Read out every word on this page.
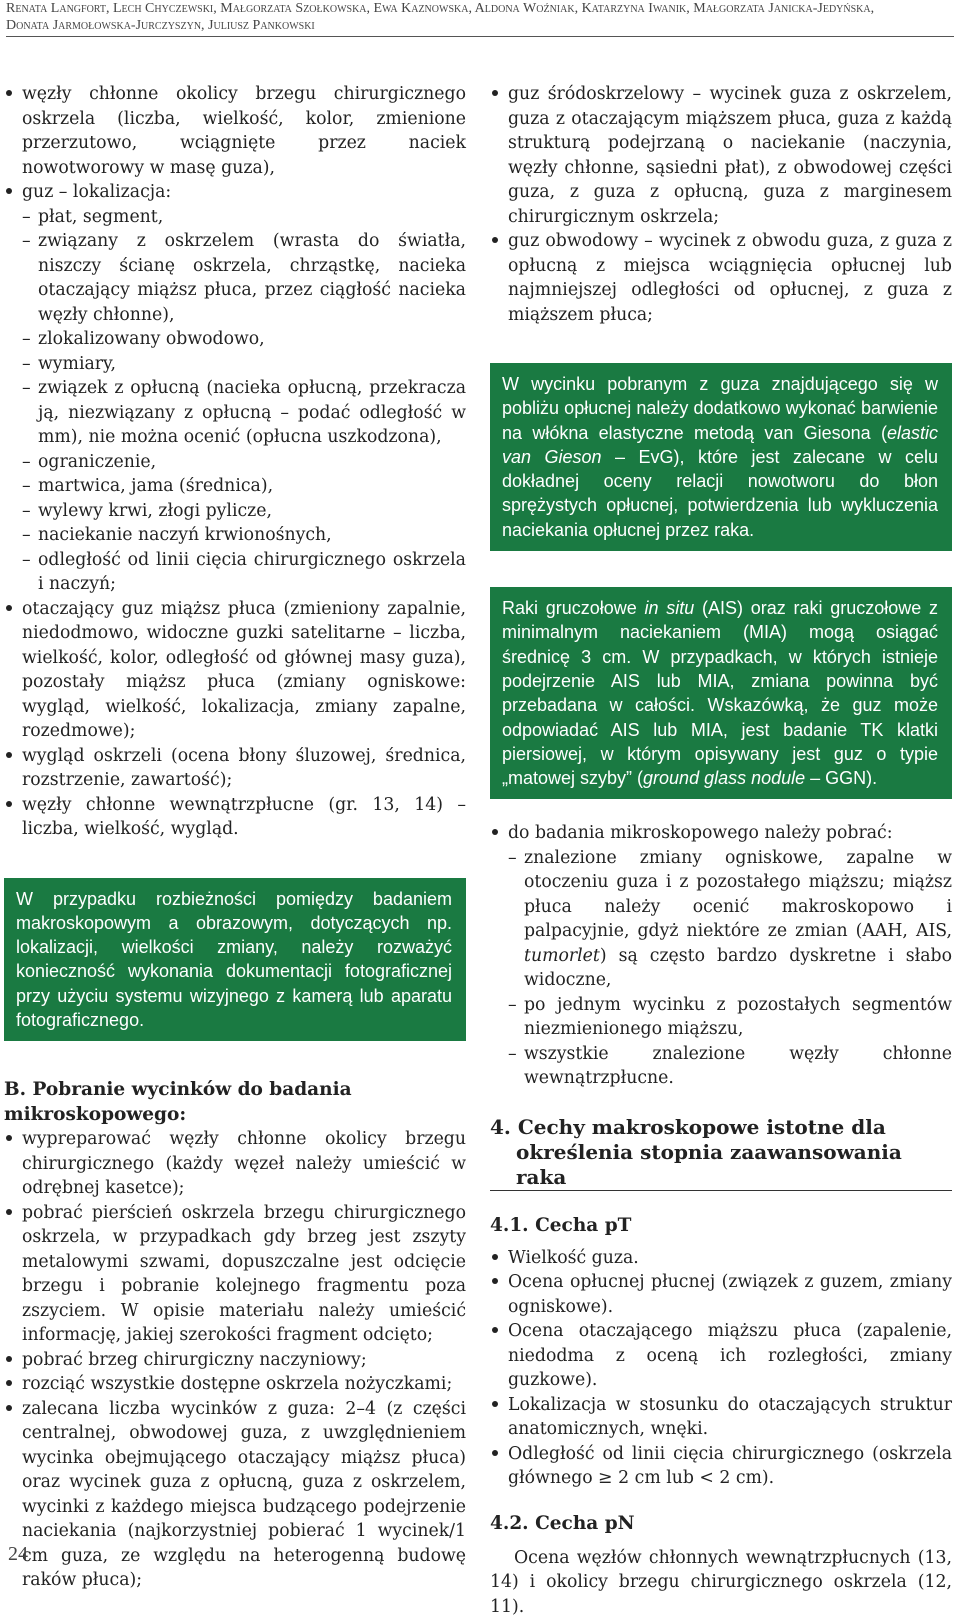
Renata Langfort, Lech Chyczewski, Małgorzata Szołkowska, Ewa Kaznowska, Aldona Woźniak, Katarzyna Iwanik, Małgorzata Janicka-Jedyńska,
Donata Jarmołowska-Jurczyszyn, Juliusz Pankowski
węzły chłonne okolicy brzegu chirurgicznego oskrzela (liczba, wielkość, kolor, zmienione przerzutowo, wciągnięte przez naciek nowotworowy w masę guza),
guz – lokalizacja:
– płat, segment,
– związany z oskrzelem (wrasta do światła, niszczy ścianę oskrzela, chrząstkę, nacieka otaczający miąższ płuca, przez ciągłość nacieka węzły chłonne),
– zlokalizowany obwodowo,
– wymiary,
– związek z opłucną (nacieka opłucną, przekracza ją, niezwiązany z opłucną – podać odległość w mm), nie można ocenić (opłucna uszkodzona),
– ograniczenie,
– martwica, jama (średnica),
– wylewy krwi, złogi pylicze,
– naciekanie naczyń krwionośnych,
– odległość od linii cięcia chirurgicznego oskrzela i naczyń;
otaczający guz miąższ płuca (zmieniony zapalnie, niedodmowo, widoczne guzki satelitarne – liczba, wielkość, kolor, odległość od głównej masy guza), pozostały miąższ płuca (zmiany ogniskowe: wygląd, wielkość, lokalizacja, zmiany zapalne, rozedmowe);
wygląd oskrzeli (ocena błony śluzowej, średnica, rozstrzenie, zawartość);
węzły chłonne wewnątrzpłucne (gr. 13, 14) – liczba, wielkość, wygląd.
W przypadku rozbieżności pomiędzy badaniem makroskopowym a obrazowym, dotyczących np. lokalizacji, wielkości zmiany, należy rozważyć konieczność wykonania dokumentacji fotograficznej przy użyciu systemu wizyjnego z kamerą lub aparatu fotograficznego.
B. Pobranie wycinków do badania mikroskopowego:
wypreparować węzły chłonne okolicy brzegu chirurgicznego (każdy węzeł należy umieścić w odrębnej kasetce);
pobrać pierścień oskrzela brzegu chirurgicznego oskrzela, w przypadkach gdy brzeg jest zszyty metalowymi szwami, dopuszczalne jest odcięcie brzegu i pobranie kolejnego fragmentu poza zszyciem. W opisie materiału należy umieścić informację, jakiej szerokości fragment odcięto;
pobrać brzeg chirurgiczny naczyniowy;
rozciąć wszystkie dostępne oskrzela nożyczkami;
zalecana liczba wycinków z guza: 2–4 (z części centralnej, obwodowej guza, z uwzględnieniem wycinka obejmującego otaczający miąższ płuca) oraz wycinek guza z opłucną, guza z oskrzelem, wycinki z każdego miejsca budzącego podejrzenie naciekania (najkorzystniej pobierać 1 wycinek/1 cm guza, ze względu na heterogenną budowę raków płuca);
guz śródoskrzelowy – wycinek guza z oskrzelem, guza z otaczającym miąższem płuca, guza z każdą strukturą podejrzaną o naciekanie (naczynia, węzły chłonne, sąsiedni płat), z obwodowej części guza, z guza z opłucną, guza z marginesem chirurgicznym oskrzela;
guz obwodowy – wycinek z obwodu guza, z guza z opłucną z miejsca wciągnięcia opłucnej lub najmniejszej odległości od opłucnej, z guza z miąższem płuca;
W wycinku pobranym z guza znajdującego się w pobliżu opłucnej należy dodatkowo wykonać barwienie na włókna elastyczne metodą van Giesona (elastic van Gieson – EvG), które jest zalecane w celu dokładnej oceny relacji nowotworu do błon sprężystych opłucnej, potwierdzenia lub wykluczenia naciekania opłucnej przez raka.
Raki gruczołowe in situ (AIS) oraz raki gruczołowe z minimalnym naciekaniem (MIA) mogą osiągać średnicę 3 cm. W przypadkach, w których istnieje podejrzenie AIS lub MIA, zmiana powinna być przebadana w całości. Wskazówką, że guz może odpowiadać AIS lub MIA, jest badanie TK klatki piersiowej, w którym opisywany jest guz o typie „matowej szyby” (ground glass nodule – GGN).
do badania mikroskopowego należy pobrać:
– znalezione zmiany ogniskowe, zapalne w otoczeniu guza i z pozostałego miąższu; miąższ płuca należy ocenić makroskopowo i palpacyjnie, gdyż niektóre ze zmian (AAH, AIS, tumorlet) są często bardzo dyskretne i słabo widoczne,
– po jednym wycinku z pozostałych segmentów niezmienionego miąższu,
– wszystkie znalezione węzły chłonne wewnątrzpłucne.
4. Cechy makroskopowe istotne dla
określenia stopnia zaawansowania raka
4.1. Cecha pT
Wielkość guza.
Ocena opłucnej płucnej (związek z guzem, zmiany ogniskowe).
Ocena otaczającego miąższu płuca (zapalenie, niedodma z oceną ich rozległości, zmiany guzkowe).
Lokalizacja w stosunku do otaczających struktur anatomicznych, wnęki.
Odległość od linii cięcia chirurgicznego (oskrzela głównego ≥ 2 cm lub < 2 cm).
4.2. Cecha pN
Ocena węzłów chłonnych wewnątrzpłucnych (13, 14) i okolicy brzegu chirurgicznego oskrzela (12, 11).
24
